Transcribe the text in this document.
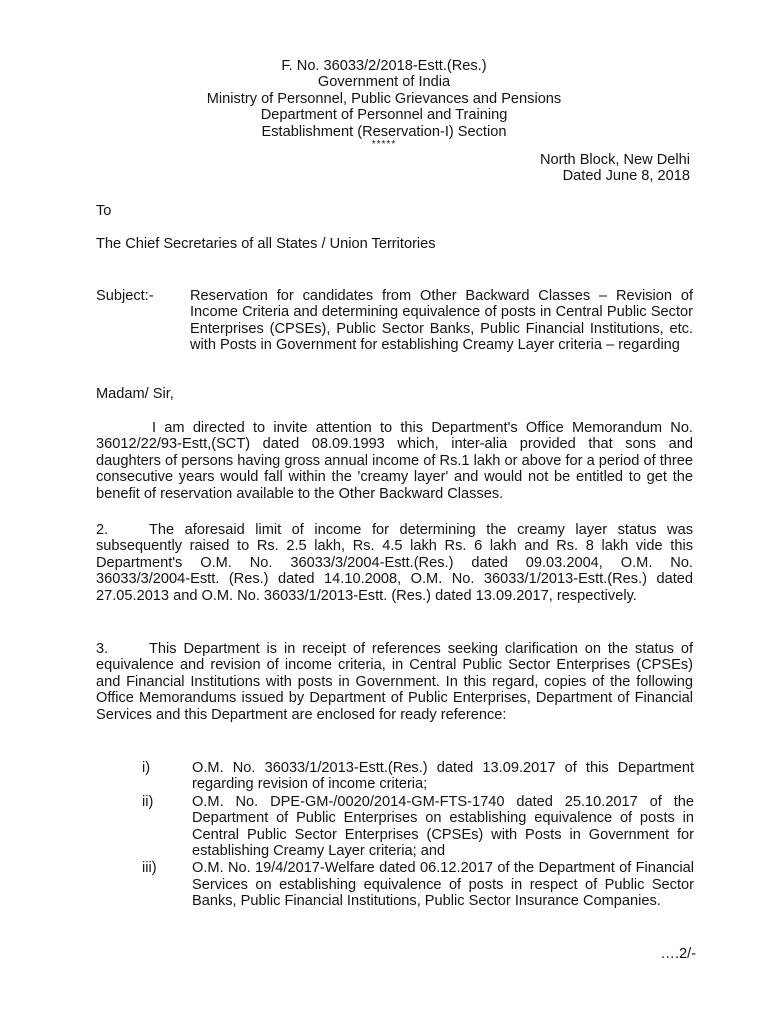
F. No. 36033/2/2018-Estt.(Res.)
Government of India
Ministry of Personnel, Public Grievances and Pensions
Department of Personnel and Training
Establishment (Reservation-I) Section
*****
North Block, New Delhi
Dated June 8, 2018
To
The Chief Secretaries of all States / Union Territories
Subject:- Reservation for candidates from Other Backward Classes – Revision of Income Criteria and determining equivalence of posts in Central Public Sector Enterprises (CPSEs), Public Sector Banks, Public Financial Institutions, etc. with Posts in Government for establishing Creamy Layer criteria – regarding
Madam/ Sir,
I am directed to invite attention to this Department's Office Memorandum No. 36012/22/93-Estt,(SCT) dated 08.09.1993 which, inter-alia provided that sons and daughters of persons having gross annual income of Rs.1 lakh or above for a period of three consecutive years would fall within the 'creamy layer' and would not be entitled to get the benefit of reservation available to the Other Backward Classes.
2.	The aforesaid limit of income for determining the creamy layer status was subsequently raised to Rs. 2.5 lakh, Rs. 4.5 lakh Rs. 6 lakh and Rs. 8 lakh vide this Department's O.M. No. 36033/3/2004-Estt.(Res.) dated 09.03.2004, O.M. No. 36033/3/2004-Estt. (Res.) dated 14.10.2008, O.M. No. 36033/1/2013-Estt.(Res.) dated 27.05.2013 and O.M. No. 36033/1/2013-Estt. (Res.) dated 13.09.2017, respectively.
3.	This Department is in receipt of references seeking clarification on the status of equivalence and revision of income criteria, in Central Public Sector Enterprises (CPSEs) and Financial Institutions with posts in Government. In this regard, copies of the following Office Memorandums issued by Department of Public Enterprises, Department of Financial Services and this Department are enclosed for ready reference:
i)	O.M. No. 36033/1/2013-Estt.(Res.) dated 13.09.2017 of this Department regarding revision of income criteria;
ii)	O.M. No. DPE-GM-/0020/2014-GM-FTS-1740 dated 25.10.2017 of the Department of Public Enterprises on establishing equivalence of posts in Central Public Sector Enterprises (CPSEs) with Posts in Government for establishing Creamy Layer criteria; and
iii) O.M. No. 19/4/2017-Welfare dated 06.12.2017 of the Department of Financial Services on establishing equivalence of posts in respect of Public Sector Banks, Public Financial Institutions, Public Sector Insurance Companies.
….2/-
